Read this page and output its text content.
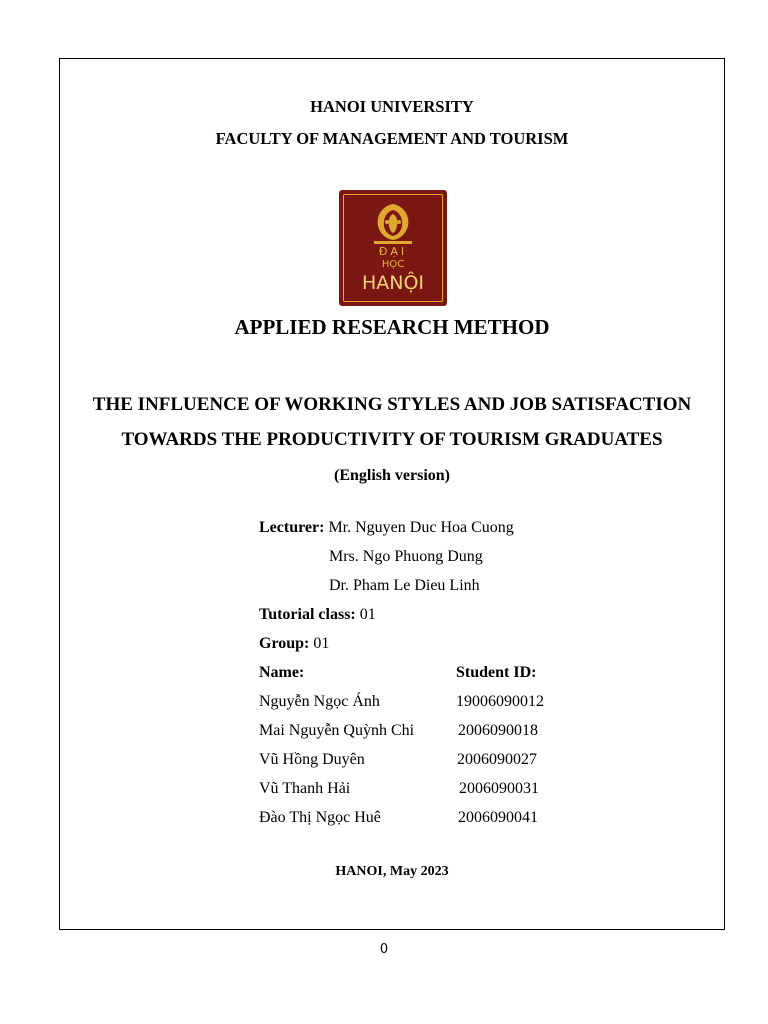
HANOI UNIVERSITY
FACULTY OF MANAGEMENT AND TOURISM
ĐẠI
HỌC
HANỘI
APPLIED RESEARCH METHOD
THE INFLUENCE OF WORKING STYLES AND JOB SATISFACTION
TOWARDS THE PRODUCTIVITY OF TOURISM GRADUATES
(English version)
Lecturer: Mr. Nguyen Duc Hoa Cuong
Mrs. Ngo Phuong Dung
Dr. Pham Le Dieu Linh
Tutorial class: 01
Group: 01
Name:	Student ID:
Nguyễn Ngọc Ánh	19006090012
Mai Nguyễn Quỳnh Chi	2006090018
Vũ Hồng Duyên	2006090027
Vũ Thanh Hải	2006090031
Đào Thị Ngọc Huê	2006090041
HANOI, May 2023
0
